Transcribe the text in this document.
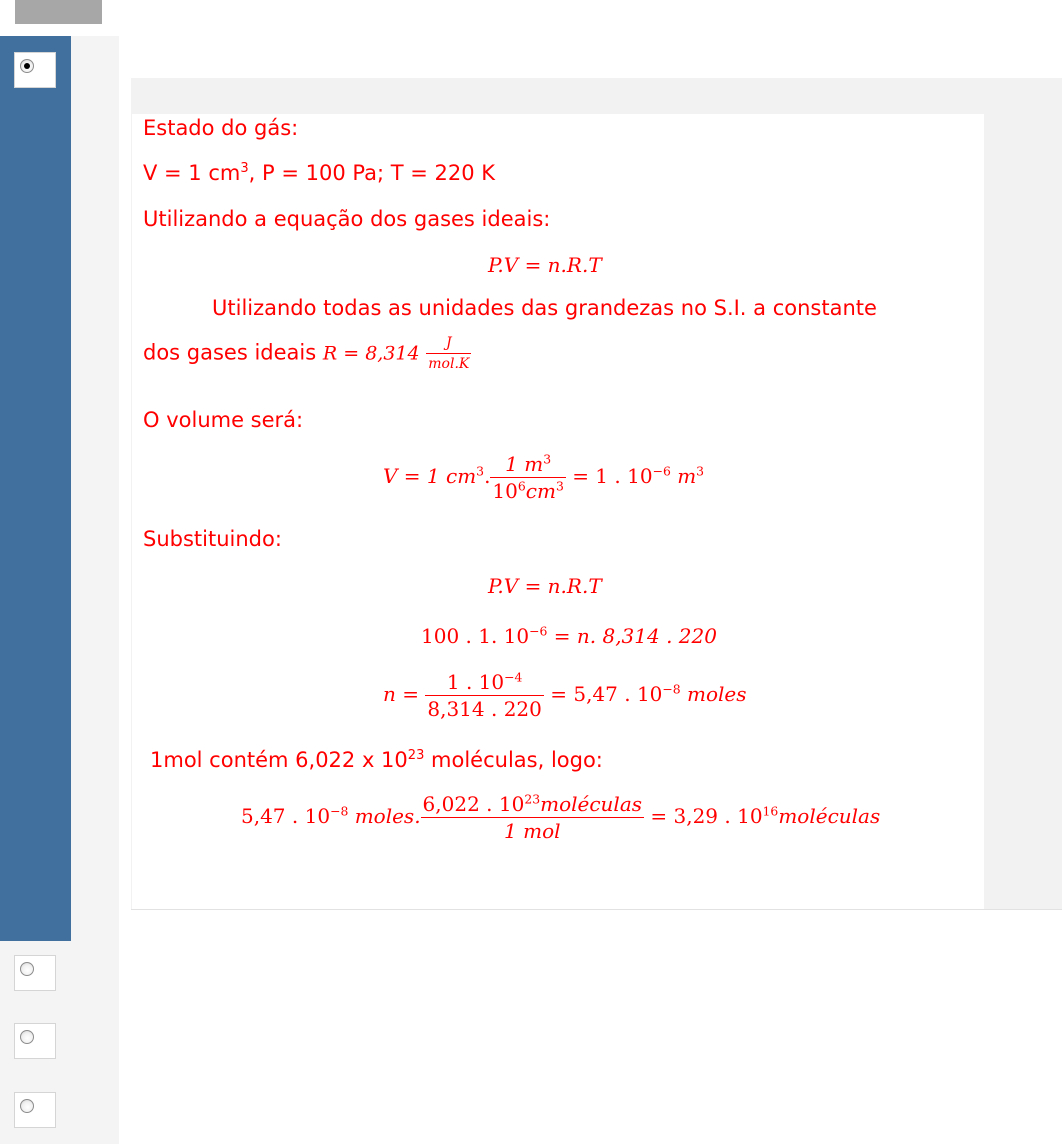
Estado do gás:
V = 1 $cm^3$, P = 100 Pa; T = 220 K
Utilizando a equação dos gases ideais:
P.V = n.R.T
Utilizando todas as unidades das grandezas no S.I. a constante
dos gases ideais $R = 8,314 \frac{J}{\text{mol.K}}$
O volume será:
V = 1 $cm^3$. $\frac{1 m^3}{10^6cm^3} = 1$ . $10^{-6}$ $m^3$
Substituindo:
P.V = n.R.T
100 . 1. $10^{-6} = n$. 8,314 . 220
$n = \frac{1 . 10^{-4}}{8,314 . 220} = 5,47$ . $10^{-8}$ moles
1mol contém 6,022 x $10^{23}$ moléculas, logo:
5,47 . $10^{-8}$ moles. $\frac{6,022 . 10^{23}moléculas}{\text{1 mol}} = 3,29$ . $10^{16}moléculas$
